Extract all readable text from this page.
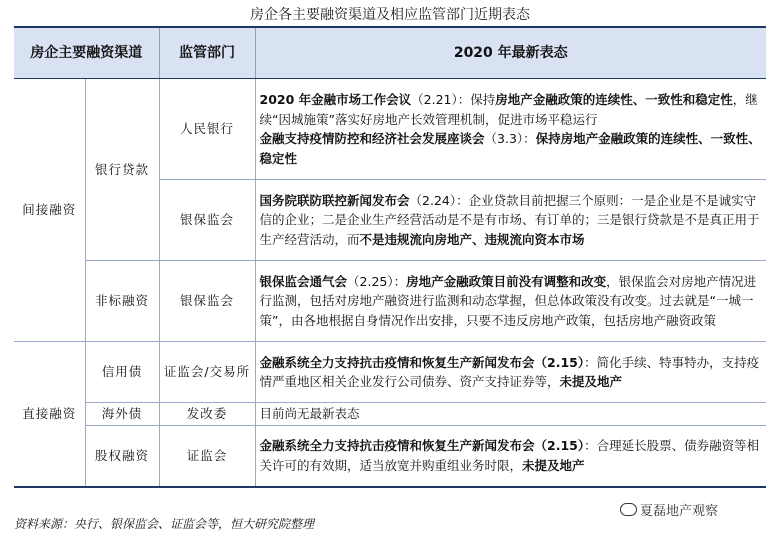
房企各主要融资渠道及相应监管部门近期表态
房企主要融资渠道		监管部门	2020 年最新表态
间接融资	银行贷款	人民银行	2020 年金融市场工作会议（2.21）：保持房地产金融政策的连续性、一致性和稳定性，继续“因城施策”落实好房地产长效管理机制，促进市场平稳运行
金融支持疫情防控和经济社会发展座谈会（3.3）：保持房地产金融政策的连续性、一致性、稳定性
		银保监会	国务院联防联控新闻发布会（2.24）：企业贷款目前把握三个原则：一是企业是不是诚实守信的企业；二是企业生产经营活动是不是有市场、有订单的；三是银行贷款是不是真正用于生产经营活动，而不是违规流向房地产、违规流向资本市场
	非标融资	银保监会	银保监会通气会（2.25）：房地产金融政策目前没有调整和改变，银保监会对房地产情况进行监测，包括对房地产融资进行监测和动态掌握，但总体政策没有改变。过去就是“一城一策”，由各地根据自身情况作出安排，只要不违反房地产政策，包括房地产融资政策
直接融资	信用债	证监会/交易所	金融系统全力支持抗击疫情和恢复生产新闻发布会（2.15）：简化手续、特事特办，支持疫情严重地区相关企业发行公司债券、资产支持证券等，未提及地产
	海外债	发改委	目前尚无最新表态
	股权融资	证监会	金融系统全力支持抗击疫情和恢复生产新闻发布会（2.15）：合理延长股票、债券融资等相关许可的有效期，适当放宽并购重组业务时限，未提及地产
夏磊地产观察
资料来源：央行、银保监会、证监会等，恒大研究院整理
